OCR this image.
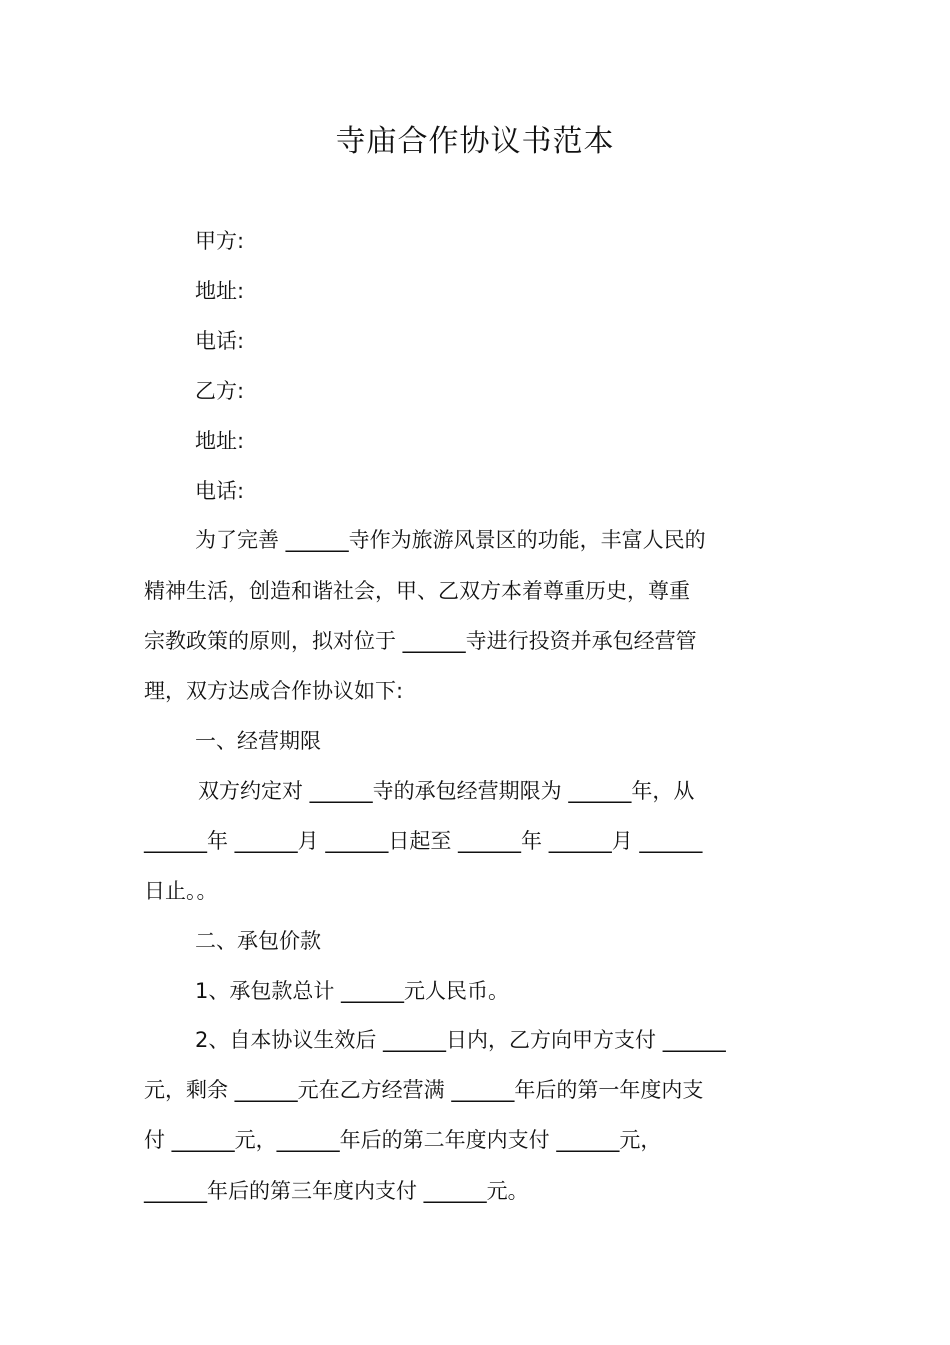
寺庙合作协议书范本
甲方:
地址:
电话:
乙方:
地址:
电话:
为了完善 ______寺作为旅游风景区的功能，丰富人民的
精神生活，创造和谐社会，甲、乙双方本着尊重历史，尊重
宗教政策的原则，拟对位于 ______寺进行投资并承包经营管
理，双方达成合作协议如下:
一、经营期限
双方约定对 ______寺的承包经营期限为 ______年，从
______年 ______月 ______日起至 ______年 ______月 ______
日止。。
二、承包价款
1、承包款总计 ______元人民币。
2、自本协议生效后 ______日内，乙方向甲方支付 ______
元，剩余 ______元在乙方经营满 ______年后的第一年度内支
付 ______元，______年后的第二年度内支付 ______元，
______年后的第三年度内支付 ______元。
